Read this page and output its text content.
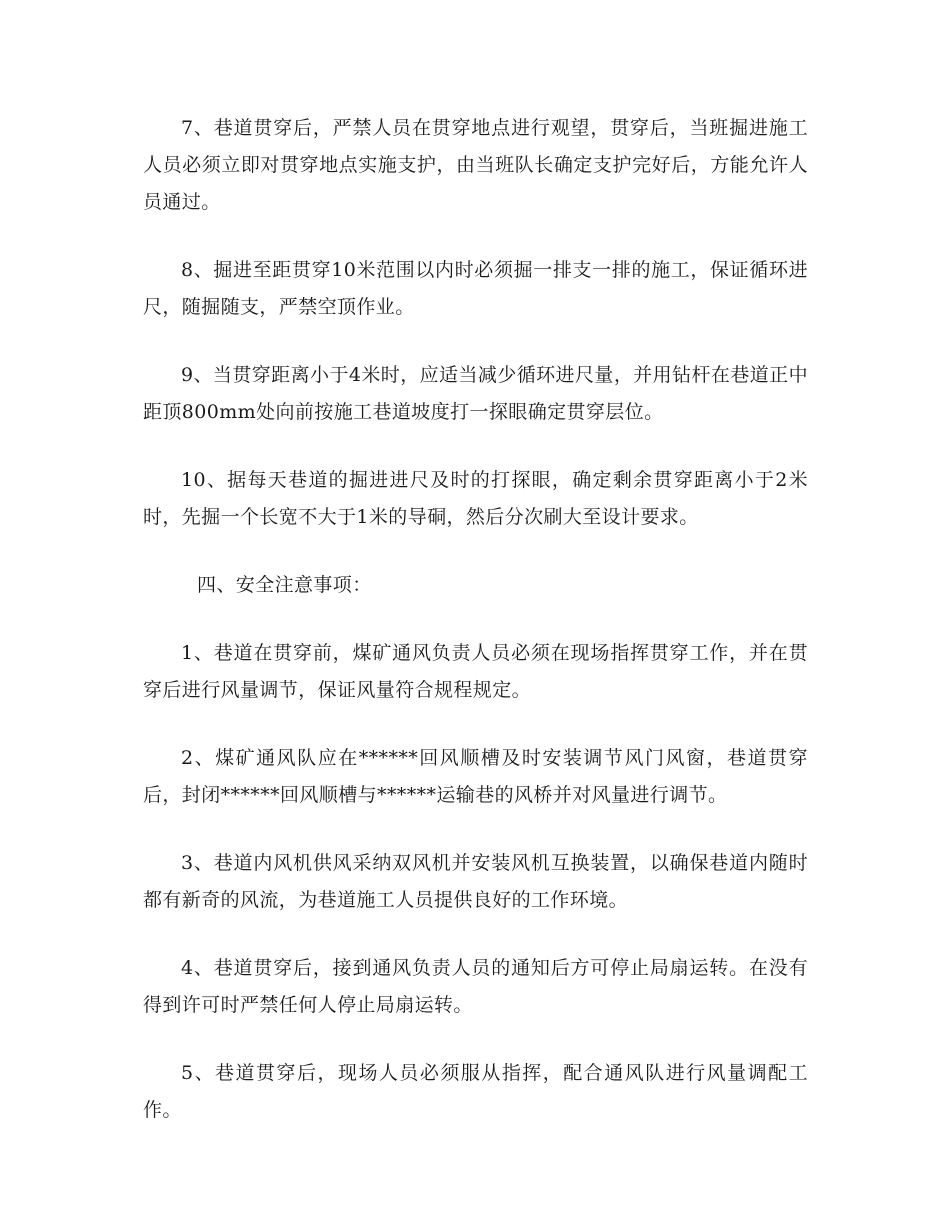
7、巷道贯穿后，严禁人员在贯穿地点进行观望，贯穿后，当班掘进施工人员必须立即对贯穿地点实施支护，由当班队长确定支护完好后，方能允许人员通过。

8、掘进至距贯穿10米范围以内时必须掘一排支一排的施工，保证循环进尺，随掘随支，严禁空顶作业。

9、当贯穿距离小于4米时，应适当减少循环进尺量，并用钻杆在巷道正中距顶800mm处向前按施工巷道坡度打一探眼确定贯穿层位。

10、据每天巷道的掘进进尺及时的打探眼，确定剩余贯穿距离小于2米时，先掘一个长宽不大于1米的导硐，然后分次刷大至设计要求。

四、安全注意事项：

1、巷道在贯穿前，煤矿通风负责人员必须在现场指挥贯穿工作，并在贯穿后进行风量调节，保证风量符合规程规定。

2、煤矿通风队应在******回风顺槽及时安装调节风门风窗，巷道贯穿后，封闭******回风顺槽与******运输巷的风桥并对风量进行调节。

3、巷道内风机供风采纳双风机并安装风机互换装置，以确保巷道内随时都有新奇的风流，为巷道施工人员提供良好的工作环境。

4、巷道贯穿后，接到通风负责人员的通知后方可停止局扇运转。在没有得到许可时严禁任何人停止局扇运转。

5、巷道贯穿后，现场人员必须服从指挥，配合通风队进行风量调配工作。
